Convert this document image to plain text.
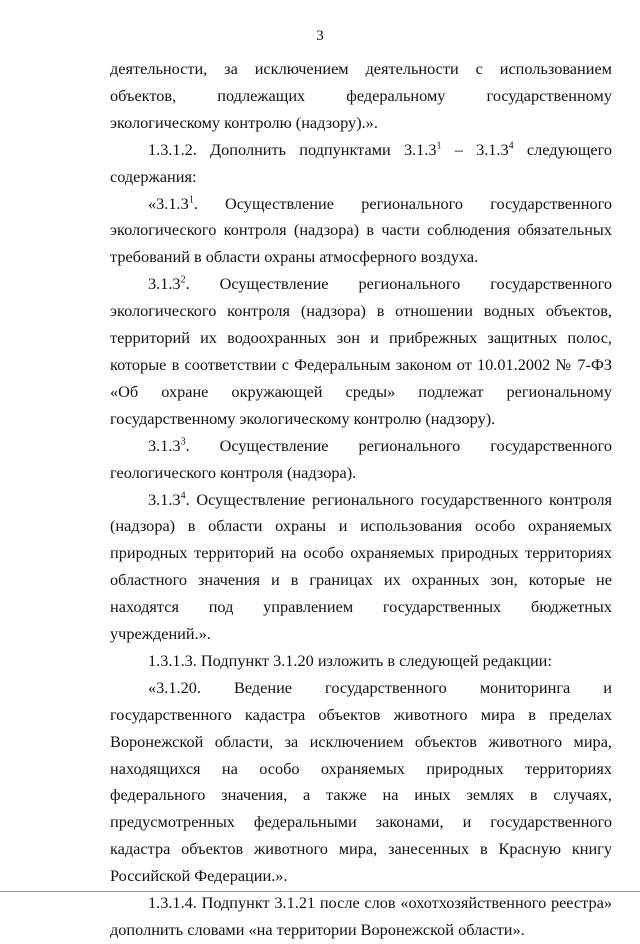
3

деятельности, за исключением деятельности с использованием объектов, подлежащих федеральному государственному экологическому контролю (надзору).».

1.3.1.2. Дополнить подпунктами 3.1.3$^1$ – 3.1.3$^4$ следующего содержания:

«3.1.3$^1$. Осуществление регионального государственного экологического контроля (надзора) в части соблюдения обязательных требований в области охраны атмосферного воздуха.

3.1.3$^2$. Осуществление регионального государственного экологического контроля (надзора) в отношении водных объектов, территорий их водоохранных зон и прибрежных защитных полос, которые в соответствии с Федеральным законом от 10.01.2002 № 7-ФЗ «Об охране окружающей среды» подлежат региональному государственному экологическому контролю (надзору).

3.1.3$^3$. Осуществление регионального государственного геологического контроля (надзора).

3.1.3$^4$. Осуществление регионального государственного контроля (надзора) в области охраны и использования особо охраняемых природных территорий на особо охраняемых природных территориях областного значения и в границах их охранных зон, которые не находятся под управлением государственных бюджетных учреждений.».

1.3.1.3. Подпункт 3.1.20 изложить в следующей редакции:

«3.1.20. Ведение государственного мониторинга и государственного кадастра объектов животного мира в пределах Воронежской области, за исключением объектов животного мира, находящихся на особо охраняемых природных территориях федерального значения, а также на иных землях в случаях, предусмотренных федеральными законами, и государственного кадастра объектов животного мира, занесенных в Красную книгу Российской Федерации.».

1.3.1.4. Подпункт 3.1.21 после слов «охотхозяйственного реестра» дополнить словами «на территории Воронежской области».
